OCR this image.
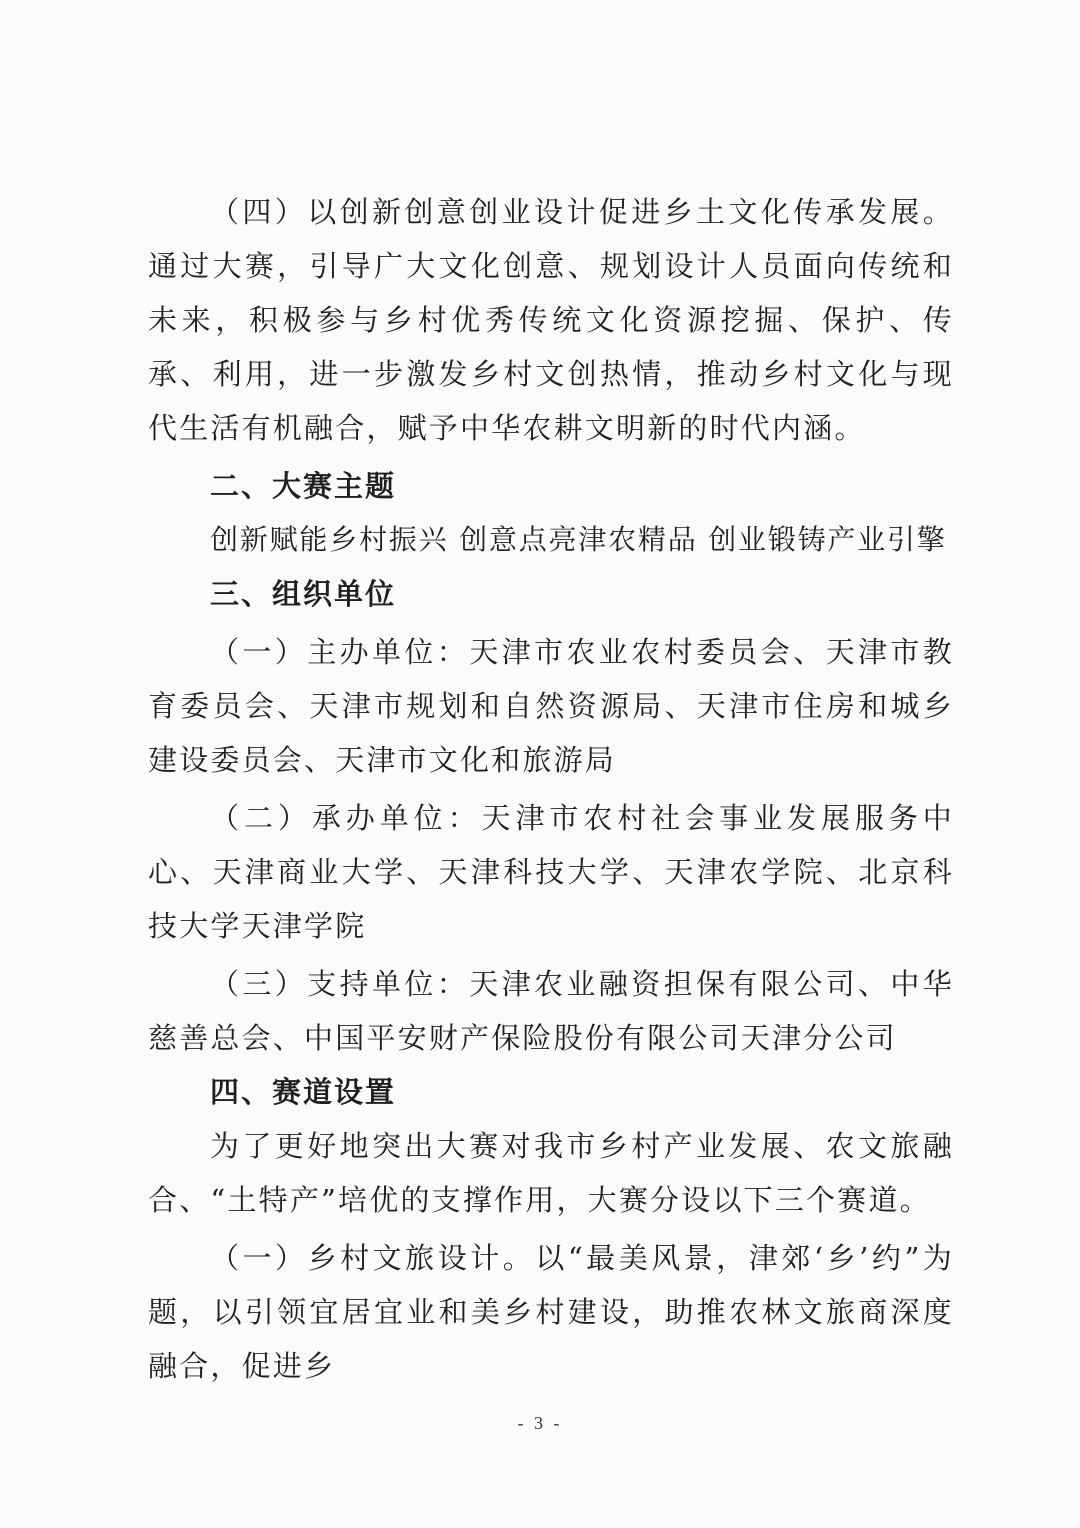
（四）以创新创意创业设计促进乡土文化传承发展。通过大赛，引导广大文化创意、规划设计人员面向传统和未来，积极参与乡村优秀传统文化资源挖掘、保护、传承、利用，进一步激发乡村文创热情，推动乡村文化与现代生活有机融合，赋予中华农耕文明新的时代内涵。

二、大赛主题

创新赋能乡村振兴 创意点亮津农精品 创业锻铸产业引擎

三、组织单位

（一）主办单位：天津市农业农村委员会、天津市教育委员会、天津市规划和自然资源局、天津市住房和城乡建设委员会、天津市文化和旅游局

（二）承办单位：天津市农村社会事业发展服务中心、天津商业大学、天津科技大学、天津农学院、北京科技大学天津学院

（三）支持单位：天津农业融资担保有限公司、中华慈善总会、中国平安财产保险股份有限公司天津分公司

四、赛道设置

为了更好地突出大赛对我市乡村产业发展、农文旅融合、“土特产”培优的支撑作用，大赛分设以下三个赛道。

（一）乡村文旅设计。以“最美风景，津郊‘乡’约”为题，以引领宜居宜业和美乡村建设，助推农林文旅商深度融合，促进乡

- 3 -
